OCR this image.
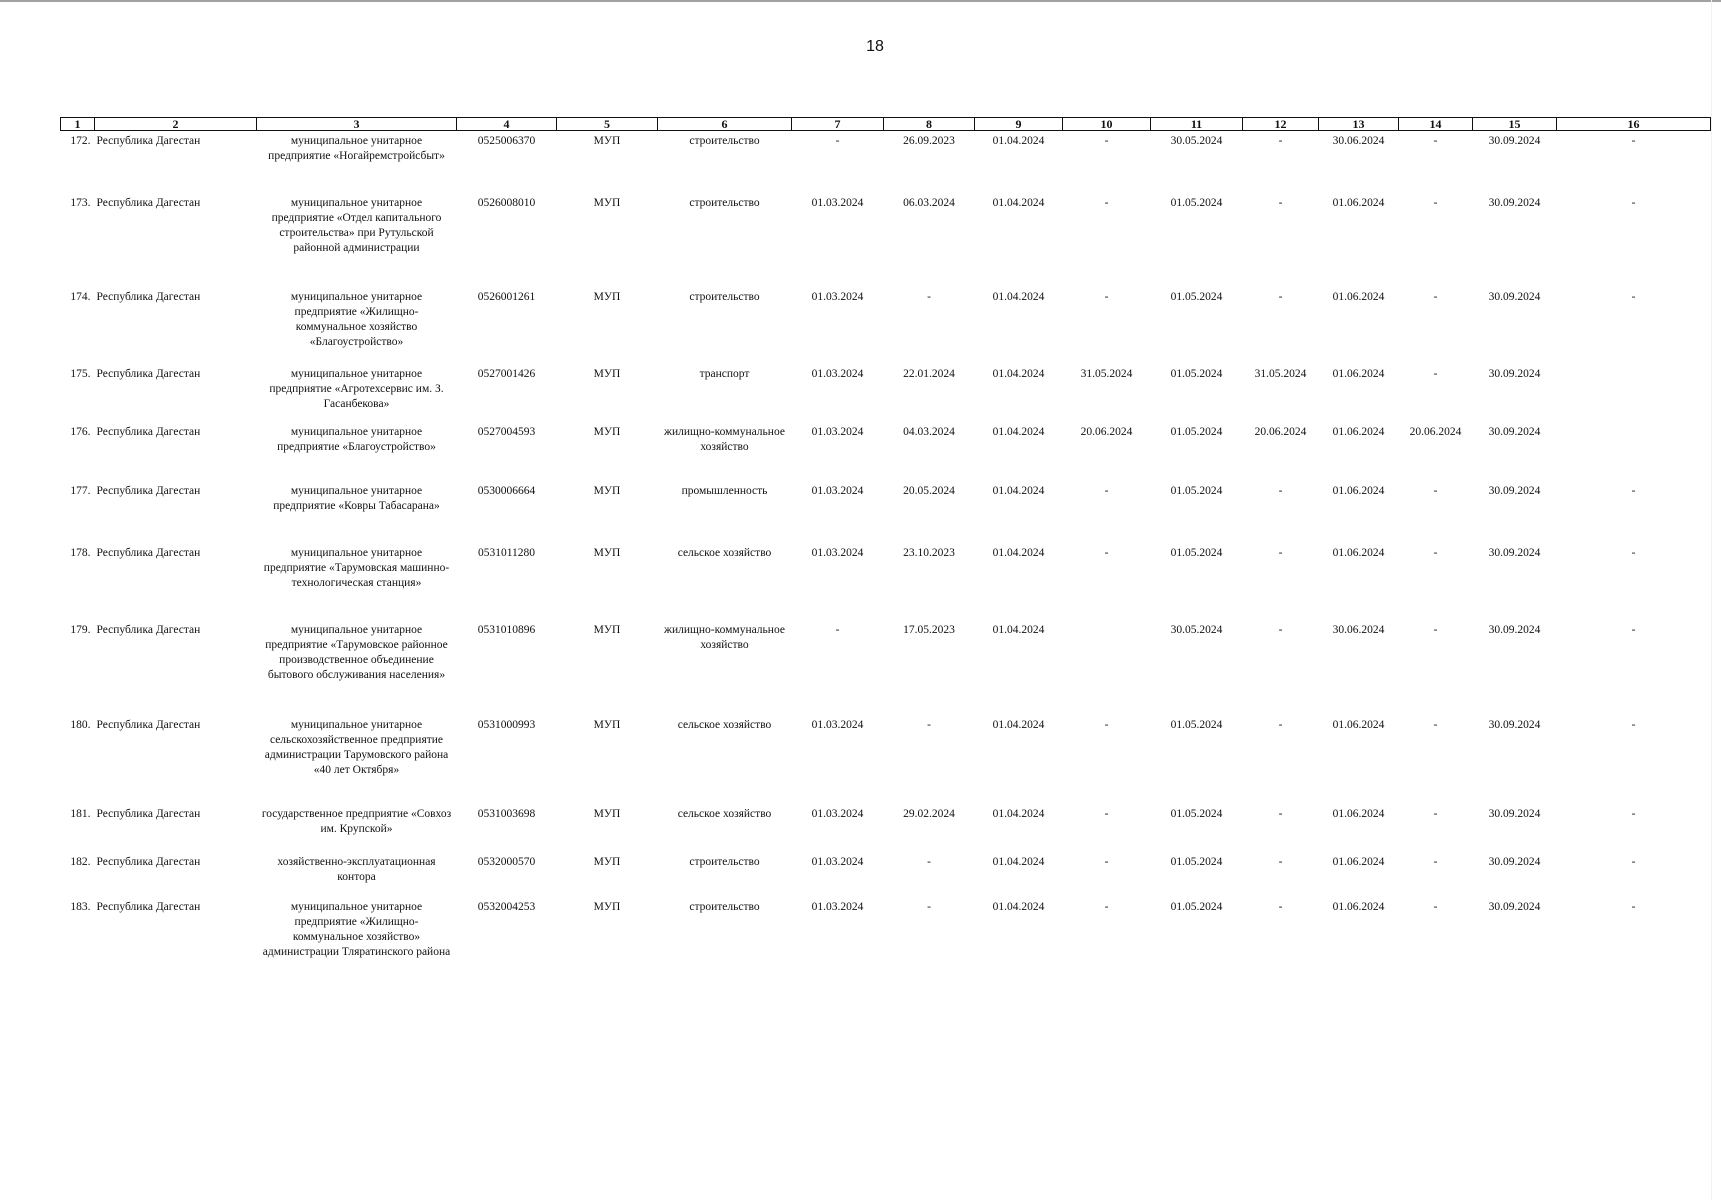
18
1	2	3	4	5	6	7	8	9	10	11	12	13	14	15	16
172.	Республика Дагестан	муниципальное унитарное предприятие «Ногайремстройсбыт»	0525006370	МУП	строительство	-	26.09.2023	01.04.2024	-	30.05.2024	-	30.06.2024	-	30.09.2024	-
173.	Республика Дагестан	муниципальное унитарное предприятие «Отдел капитального строительства» при Рутульской районной администрации	0526008010	МУП	строительство	01.03.2024	06.03.2024	01.04.2024	-	01.05.2024	-	01.06.2024	-	30.09.2024	-
174.	Республика Дагестан	муниципальное унитарное предприятие «Жилищно-коммунальное хозяйство «Благоустройство»	0526001261	МУП	строительство	01.03.2024	-	01.04.2024	-	01.05.2024	-	01.06.2024	-	30.09.2024	-
175.	Республика Дагестан	муниципальное унитарное предприятие «Агротехсервис им. З. Гасанбекова»	0527001426	МУП	транспорт	01.03.2024	22.01.2024	01.04.2024	31.05.2024	01.05.2024	31.05.2024	01.06.2024	-	30.09.2024	
176.	Республика Дагестан	муниципальное унитарное предприятие «Благоустройство»	0527004593	МУП	жилищно-коммунальное хозяйство	01.03.2024	04.03.2024	01.04.2024	20.06.2024	01.05.2024	20.06.2024	01.06.2024	20.06.2024	30.09.2024	
177.	Республика Дагестан	муниципальное унитарное предприятие «Ковры Табасарана»	0530006664	МУП	промышленность	01.03.2024	20.05.2024	01.04.2024	-	01.05.2024	-	01.06.2024	-	30.09.2024	-
178.	Республика Дагестан	муниципальное унитарное предприятие «Тарумовская машинно-технологическая станция»	0531011280	МУП	сельское хозяйство	01.03.2024	23.10.2023	01.04.2024	-	01.05.2024	-	01.06.2024	-	30.09.2024	-
179.	Республика Дагестан	муниципальное унитарное предприятие «Тарумовское районное производственное объединение бытового обслуживания населения»	0531010896	МУП	жилищно-коммунальное хозяйство	-	17.05.2023	01.04.2024		30.05.2024	-	30.06.2024	-	30.09.2024	-
180.	Республика Дагестан	муниципальное унитарное сельскохозяйственное предприятие администрации Тарумовского района «40 лет Октября»	0531000993	МУП	сельское хозяйство	01.03.2024	-	01.04.2024	-	01.05.2024	-	01.06.2024	-	30.09.2024	-
181.	Республика Дагестан	государственное предприятие «Совхоз им. Крупской»	0531003698	МУП	сельское хозяйство	01.03.2024	29.02.2024	01.04.2024	-	01.05.2024	-	01.06.2024	-	30.09.2024	-
182.	Республика Дагестан	хозяйственно-эксплуатационная контора	0532000570	МУП	строительство	01.03.2024	-	01.04.2024	-	01.05.2024	-	01.06.2024	-	30.09.2024	-
183.	Республика Дагестан	муниципальное унитарное предприятие «Жилищно-коммунальное хозяйство» администрации Тляратинского района	0532004253	МУП	строительство	01.03.2024	-	01.04.2024	-	01.05.2024	-	01.06.2024	-	30.09.2024	-
